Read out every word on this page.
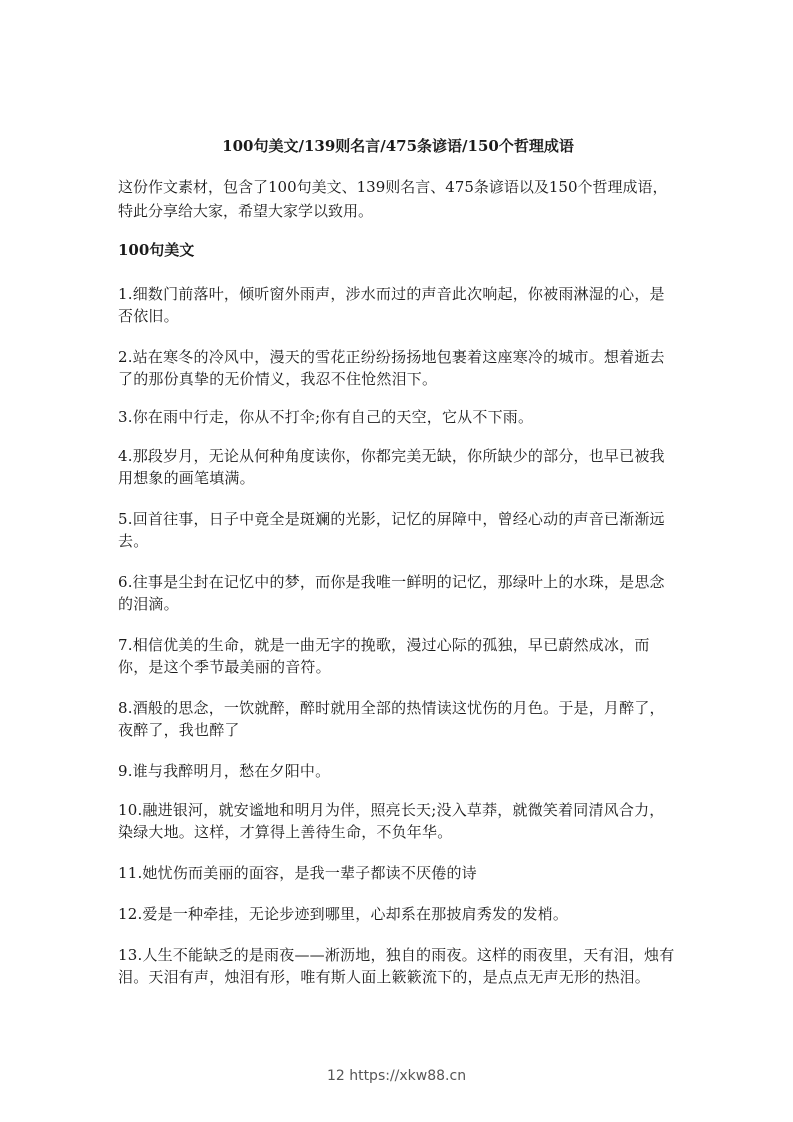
100句美文/139则名言/475条谚语/150个哲理成语
这份作文素材，包含了100句美文、139则名言、475条谚语以及150个哲理成语，特此分享给大家，希望大家学以致用。
100句美文
1.细数门前落叶，倾听窗外雨声，涉水而过的声音此次响起，你被雨淋湿的心，是否依旧。
2.站在寒冬的冷风中，漫天的雪花正纷纷扬扬地包裹着这座寒冷的城市。想着逝去了的那份真挚的无价情义，我忍不住怆然泪下。
3.你在雨中行走，你从不打伞;你有自己的天空，它从不下雨。
4.那段岁月，无论从何种角度读你，你都完美无缺，你所缺少的部分，也早已被我用想象的画笔填满。
5.回首往事，日子中竟全是斑斓的光影，记忆的屏障中，曾经心动的声音已渐渐远去。
6.往事是尘封在记忆中的梦，而你是我唯一鲜明的记忆，那绿叶上的水珠，是思念的泪滴。
7.相信优美的生命，就是一曲无字的挽歌，漫过心际的孤独，早已蔚然成冰，而你，是这个季节最美丽的音符。
8.酒般的思念，一饮就醉，醉时就用全部的热情读这忧伤的月色。于是，月醉了，夜醉了，我也醉了
9.谁与我醉明月，愁在夕阳中。
10.融进银河，就安谧地和明月为伴，照亮长天;没入草莽，就微笑着同清风合力，染绿大地。这样，才算得上善待生命，不负年华。
11.她忧伤而美丽的面容，是我一辈子都读不厌倦的诗
12.爱是一种牵挂，无论步迹到哪里，心却系在那披肩秀发的发梢。
13.人生不能缺乏的是雨夜——淅沥地，独自的雨夜。这样的雨夜里，天有泪，烛有泪。天泪有声，烛泪有形，唯有斯人面上簌簌流下的，是点点无声无形的热泪。
12 https://xkw88.cn
